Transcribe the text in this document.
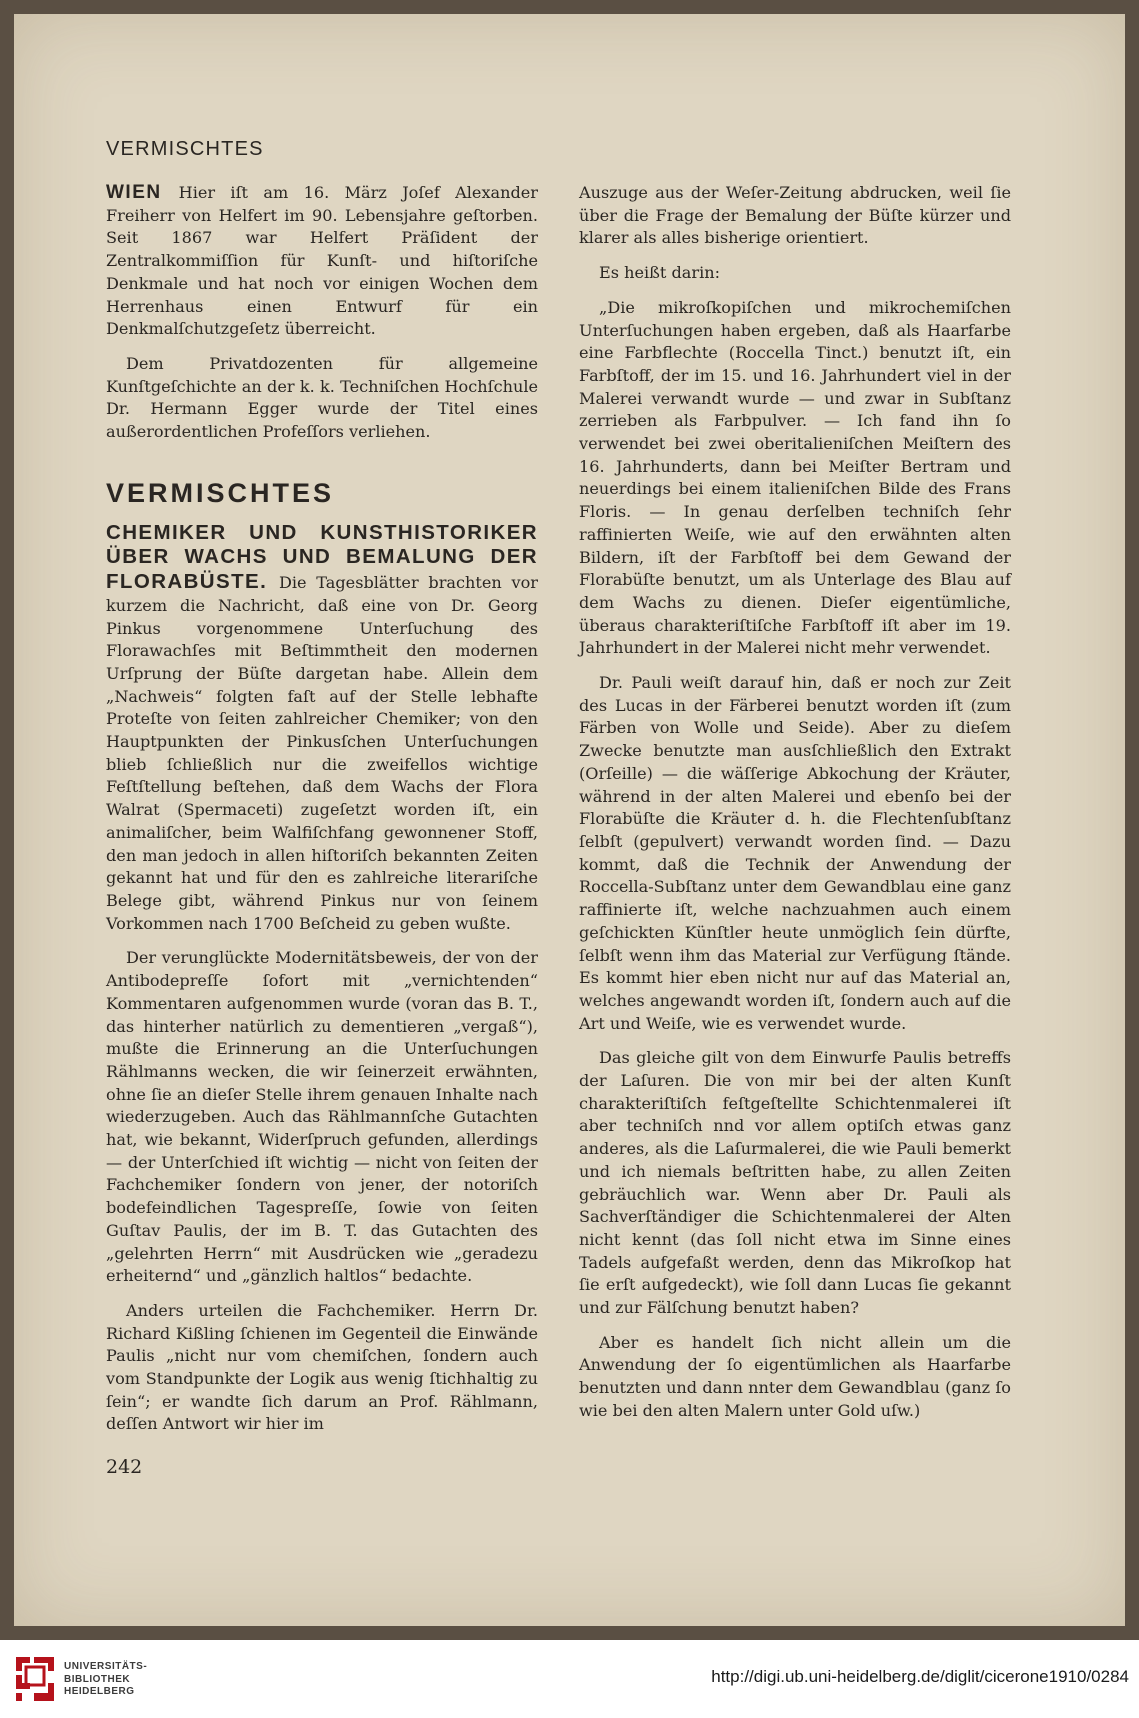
VERMISCHTES

WIEN Hier iſt am 16. März Joſef Alexander Freiherr von Helfert im 90. Lebensjahre geſtorben. Seit 1867 war Helfert Präſident der Zentralkommiſſion für Kunſt- und hiſtoriſche Denkmale und hat noch vor einigen Wochen dem Herrenhaus einen Entwurf für ein Denkmalſchutzgeſetz überreicht.

Dem Privatdozenten für allgemeine Kunſtgeſchichte an der k. k. Techniſchen Hochſchule Dr. Hermann Egger wurde der Titel eines außerordentlichen Profeſſors verliehen.

VERMISCHTES

CHEMIKER UND KUNSTHISTORIKER ÜBER WACHS UND BEMALUNG DER FLORABÜSTE. Die Tagesblätter brachten vor kurzem die Nachricht, daß eine von Dr. Georg Pinkus vorgenommene Unterſuchung des Florawachſes mit Beſtimmtheit den modernen Urſprung der Büſte dargetan habe. Allein dem „Nachweis“ folgten faſt auf der Stelle lebhafte Proteſte von ſeiten zahlreicher Chemiker; von den Hauptpunkten der Pinkusſchen Unterſuchungen blieb ſchließlich nur die zweifellos wichtige Feſtſtellung beſtehen, daß dem Wachs der Flora Walrat (Spermaceti) zugeſetzt worden iſt, ein animaliſcher, beim Walfiſchfang gewonnener Stoff, den man jedoch in allen hiſtoriſch bekannten Zeiten gekannt hat und für den es zahlreiche literariſche Belege gibt, während Pinkus nur von ſeinem Vorkommen nach 1700 Beſcheid zu geben wußte.

Der verunglückte Modernitätsbeweis, der von der Antibodepreſſe ſofort mit „vernichtenden“ Kommentaren aufgenommen wurde (voran das B. T., das hinterher natürlich zu dementieren „vergaß“), mußte die Erinnerung an die Unterſuchungen Rählmanns wecken, die wir ſeinerzeit erwähnten, ohne ſie an dieſer Stelle ihrem genauen Inhalte nach wiederzugeben. Auch das Rählmannſche Gutachten hat, wie bekannt, Widerſpruch gefunden, allerdings — der Unterſchied iſt wichtig — nicht von ſeiten der Fachchemiker ſondern von jener, der notoriſch bodefeindlichen Tagespreſſe, ſowie von ſeiten Guſtav Paulis, der im B. T. das Gutachten des „gelehrten Herrn“ mit Ausdrücken wie „geradezu erheiternd“ und „gänzlich haltlos“ bedachte.

Anders urteilen die Fachchemiker. Herrn Dr. Richard Kißling ſchienen im Gegenteil die Einwände Paulis „nicht nur vom chemiſchen, ſondern auch vom Standpunkte der Logik aus wenig ſtichhaltig zu ſein“; er wandte ſich darum an Prof. Rählmann, deſſen Antwort wir hier im

Auszuge aus der Weſer-Zeitung abdrucken, weil ſie über die Frage der Bemalung der Büſte kürzer und klarer als alles bisherige orientiert.

Es heißt darin:

„Die mikroſkopiſchen und mikrochemiſchen Unterſuchungen haben ergeben, daß als Haarfarbe eine Farbflechte (Roccella Tinct.) benutzt iſt, ein Farbſtoff, der im 15. und 16. Jahrhundert viel in der Malerei verwandt wurde — und zwar in Subſtanz zerrieben als Farbpulver. — Ich fand ihn ſo verwendet bei zwei oberitalieniſchen Meiſtern des 16. Jahrhunderts, dann bei Meiſter Bertram und neuerdings bei einem italieniſchen Bilde des Frans Floris. — In genau derſelben techniſch ſehr raffinierten Weiſe, wie auf den erwähnten alten Bildern, iſt der Farbſtoff bei dem Gewand der Florabüſte benutzt, um als Unterlage des Blau auf dem Wachs zu dienen. Dieſer eigentümliche, überaus charakteriſtiſche Farbſtoff iſt aber im 19. Jahrhundert in der Malerei nicht mehr verwendet.

Dr. Pauli weiſt darauf hin, daß er noch zur Zeit des Lucas in der Färberei benutzt worden iſt (zum Färben von Wolle und Seide). Aber zu dieſem Zwecke benutzte man ausſchließlich den Extrakt (Orſeille) — die wäſſerige Abkochung der Kräuter, während in der alten Malerei und ebenſo bei der Florabüſte die Kräuter d. h. die Flechtenſubſtanz ſelbſt (gepulvert) verwandt worden ſind. — Dazu kommt, daß die Technik der Anwendung der Roccella-Subſtanz unter dem Gewandblau eine ganz raffinierte iſt, welche nachzuahmen auch einem geſchickten Künſtler heute unmöglich ſein dürfte, ſelbſt wenn ihm das Material zur Verfügung ſtände. Es kommt hier eben nicht nur auf das Material an, welches angewandt worden iſt, ſondern auch auf die Art und Weiſe, wie es verwendet wurde.

Das gleiche gilt von dem Einwurfe Paulis betreffs der Laſuren. Die von mir bei der alten Kunſt charakteriſtiſch feſtgeſtellte Schichtenmalerei iſt aber techniſch nnd vor allem optiſch etwas ganz anderes, als die Laſurmalerei, die wie Pauli bemerkt und ich niemals beſtritten habe, zu allen Zeiten gebräuchlich war. Wenn aber Dr. Pauli als Sachverſtändiger die Schichtenmalerei der Alten nicht kennt (das ſoll nicht etwa im Sinne eines Tadels aufgefaßt werden, denn das Mikroſkop hat ſie erſt aufgedeckt), wie ſoll dann Lucas ſie gekannt und zur Fälſchung benutzt haben?

Aber es handelt ſich nicht allein um die Anwendung der ſo eigentümlichen als Haarfarbe benutzten und dann nnter dem Gewandblau (ganz ſo wie bei den alten Malern unter Gold uſw.)

242
UNIVERSITÄTS-
BIBLIOTHEK
HEIDELBERG
http://digi.ub.uni-heidelberg.de/diglit/cicerone1910/0284
